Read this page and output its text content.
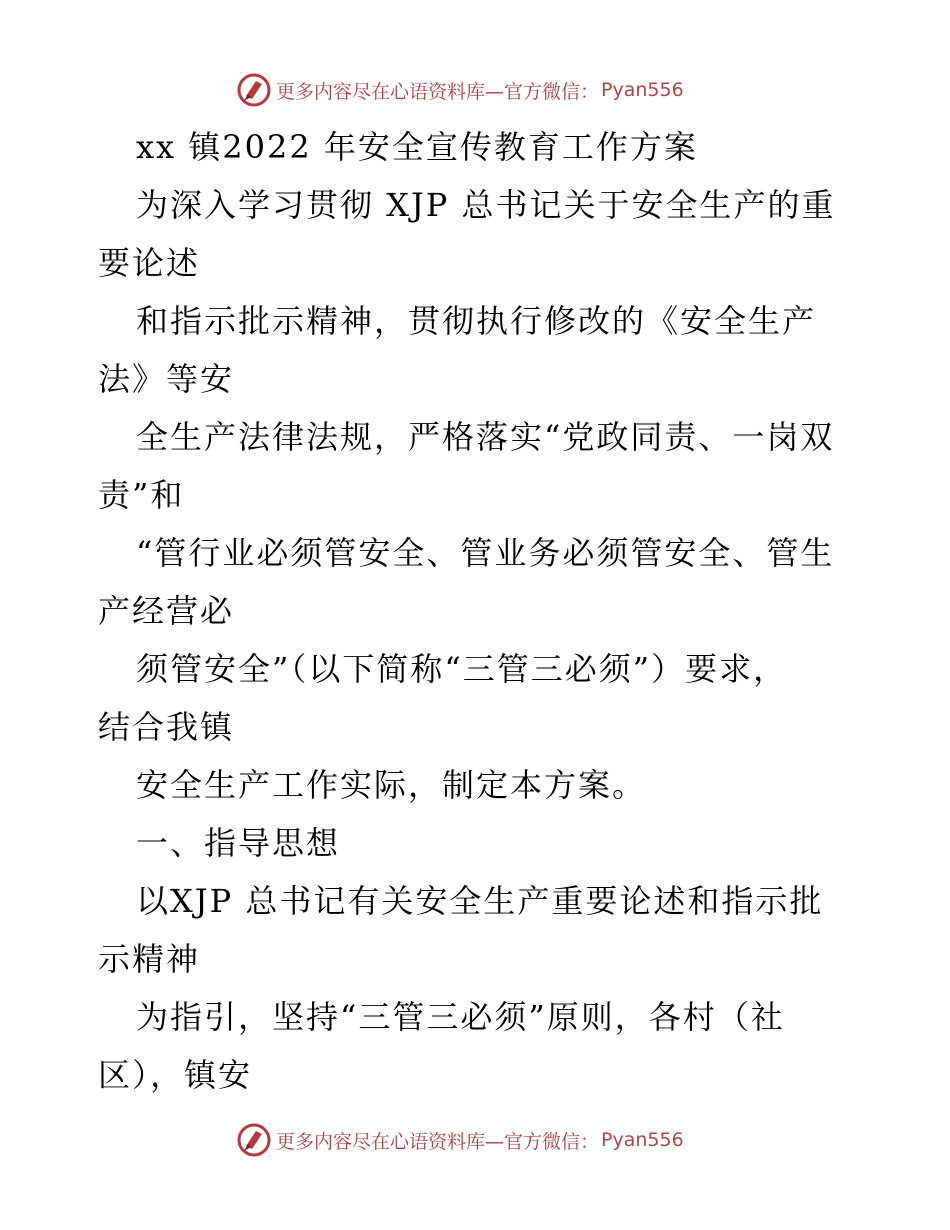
更多内容尽在心语资料库—官方微信： Pyan556
xx 镇2022 年安全宣传教育工作方案
为深入学习贯彻 XJP 总书记关于安全生产的重
要论述
和指示批示精神，贯彻执行修改的《安全生产
法》等安
全生产法律法规，严格落实“党政同责、一岗双
责”和
“管行业必须管安全、管业务必须管安全、管生
产经营必
须管安全”（以下简称“三管三必须”）要求，
结合我镇
安全生产工作实际，制定本方案。
一、指导思想
以XJP 总书记有关安全生产重要论述和指示批
示精神
为指引，坚持“三管三必须”原则，各村（社
区），镇安
更多内容尽在心语资料库—官方微信： Pyan556
